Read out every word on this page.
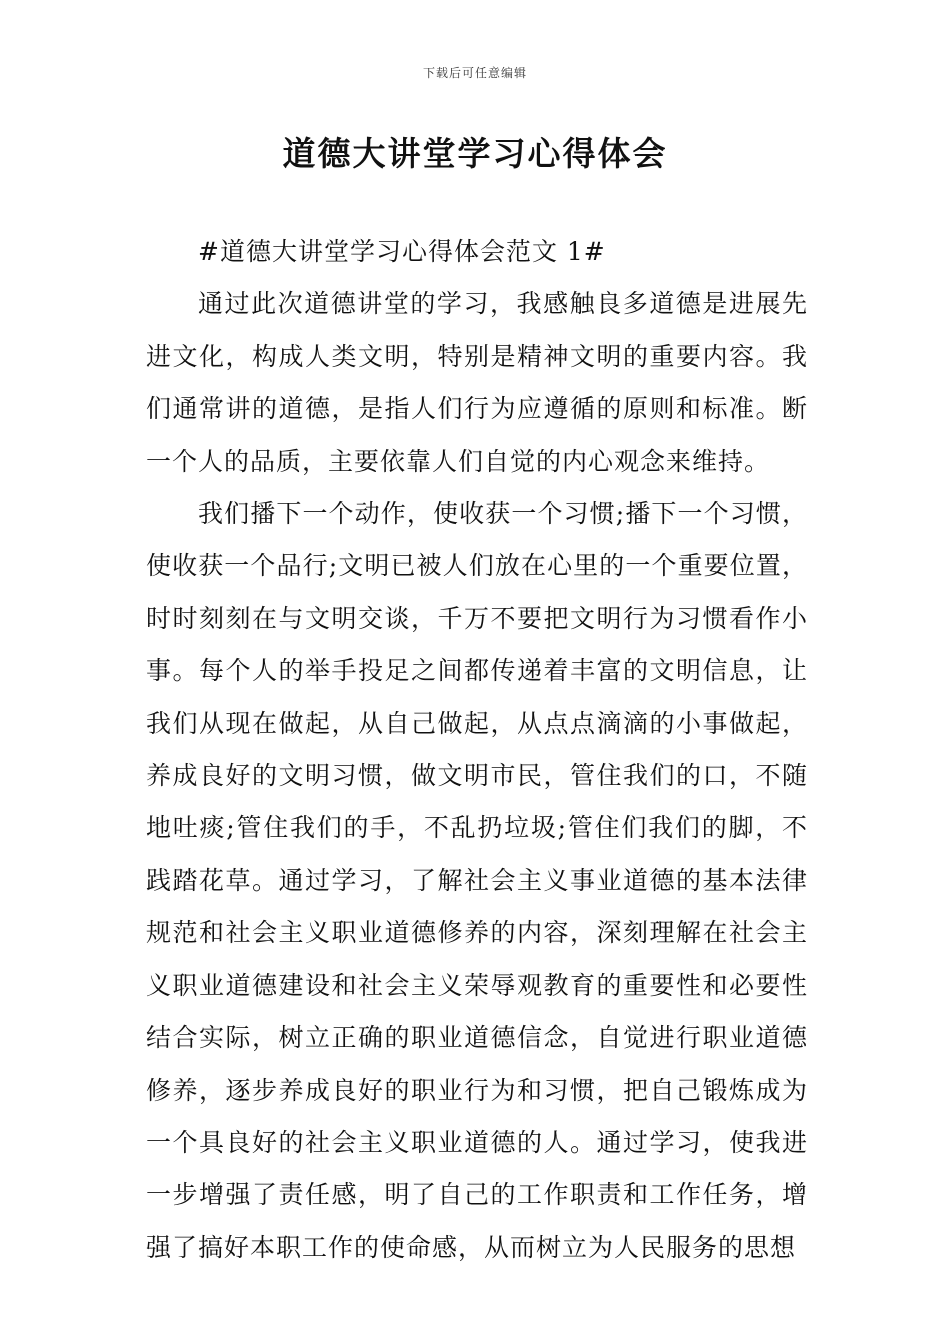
下载后可任意编辑
道德大讲堂学习心得体会

#道德大讲堂学习心得体会范文 1#

通过此次道德讲堂的学习，我感触良多道德是进展先进文化，构成人类文明，特别是精神文明的重要内容。我们通常讲的道德，是指人们行为应遵循的原则和标准。断一个人的品质，主要依靠人们自觉的内心观念来维持。

我们播下一个动作，使收获一个习惯;播下一个习惯，使收获一个品行;文明已被人们放在心里的一个重要位置，时时刻刻在与文明交谈，千万不要把文明行为习惯看作小事。每个人的举手投足之间都传递着丰富的文明信息，让我们从现在做起，从自己做起，从点点滴滴的小事做起，养成良好的文明习惯，做文明市民，管住我们的口，不随地吐痰;管住我们的手，不乱扔垃圾;管住们我们的脚，不践踏花草。通过学习，了解社会主义事业道德的基本法律规范和社会主义职业道德修养的内容，深刻理解在社会主义职业道德建设和社会主义荣辱观教育的重要性和必要性结合实际，树立正确的职业道德信念，自觉进行职业道德修养，逐步养成良好的职业行为和习惯，把自己锻炼成为一个具良好的社会主义职业道德的人。通过学习，使我进一步增强了责任感，明了自己的工作职责和工作任务，增强了搞好本职工作的使命感，从而树立为人民服务的思想
